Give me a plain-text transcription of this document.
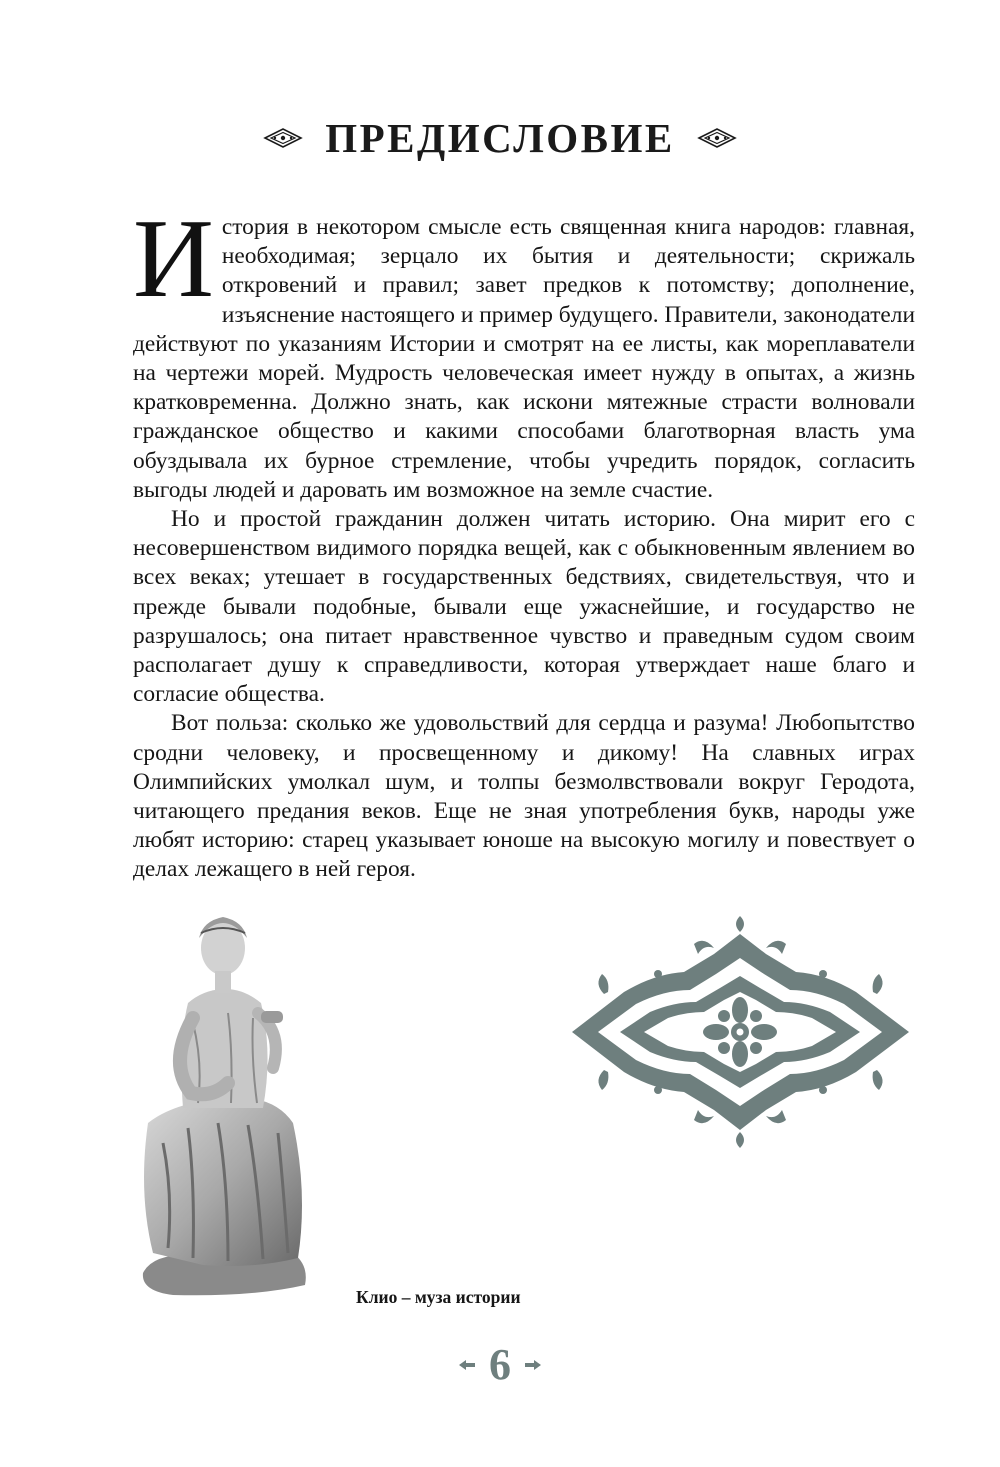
ПРЕДИСЛОВИЕ

История в некотором смысле есть священная книга народов: главная, необходимая; зерцало их бытия и деятельности; скрижаль откровений и правил; завет предков к потомству; дополнение, изъяснение настоящего и пример будущего. Правители, законодатели действуют по указаниям Истории и смотрят на ее листы, как мореплаватели на чертежи морей. Мудрость человеческая имеет нужду в опытах, а жизнь кратковременна. Должно знать, как искони мятежные страсти волновали гражданское общество и какими способами благотворная власть ума обуздывала их бурное стремление, чтобы учредить порядок, согласить выгоды людей и даровать им возможное на земле счастие.

Но и простой гражданин должен читать историю. Она мирит его с несовершенством видимого порядка вещей, как с обыкновенным явлением во всех веках; утешает в государственных бедствиях, свидетельствуя, что и прежде бывали подобные, бывали еще ужаснейшие, и государство не разрушалось; она питает нравственное чувство и праведным судом своим располагает душу к справедливости, которая утверждает наше благо и согласие общества.

Вот польза: сколько же удовольствий для сердца и разума! Любопытство сродни человеку, и просвещенному и дикому! На славных играх Олимпийских умолкал шум, и толпы безмолвствовали вокруг Геродота, читающего предания веков. Еще не зная употребления букв, народы уже любят историю: старец указывает юноше на высокую могилу и повествует о делах лежащего в ней героя.

Клио – муза истории
6
